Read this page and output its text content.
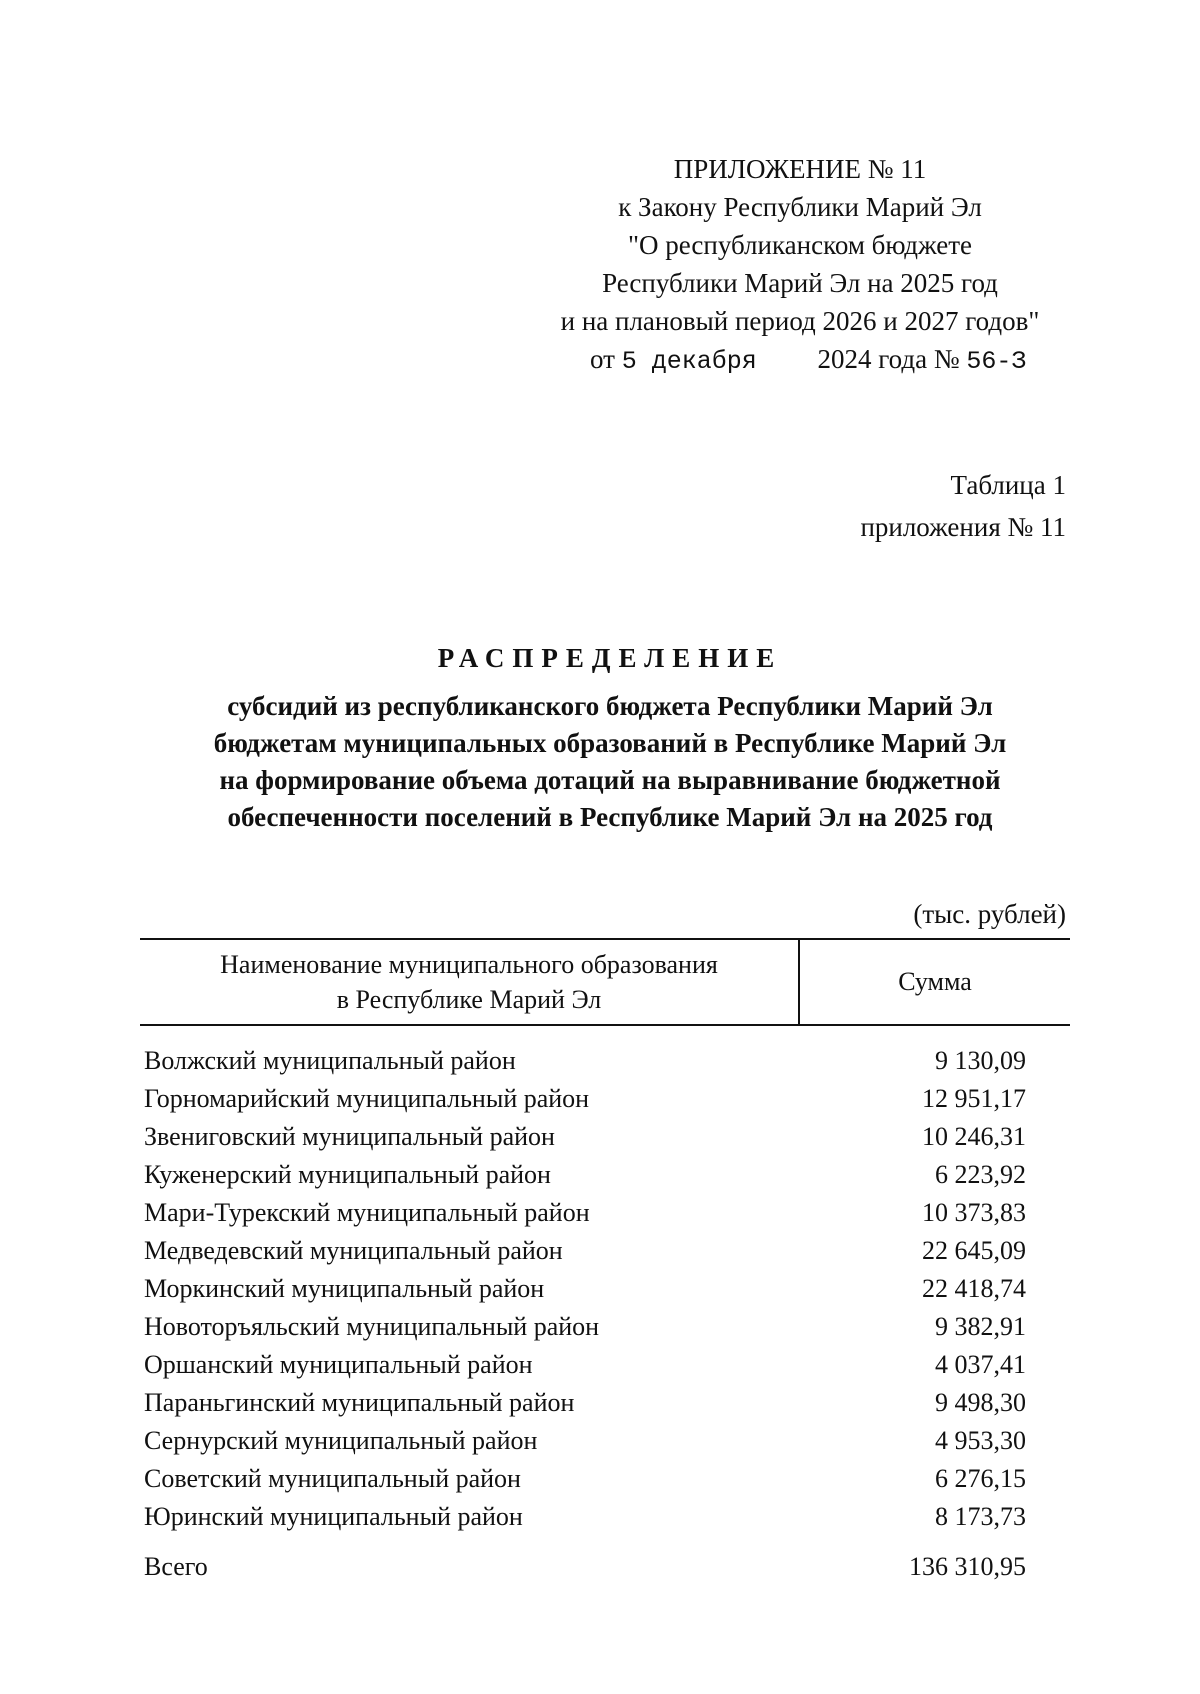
ПРИЛОЖЕНИЕ № 11
к Закону Республики Марий Эл
"О республиканском бюджете
Республики Марий Эл на 2025 год
и на плановый период 2026 и 2027 годов"
от 5 декабря 2024 года № 56-З
Таблица 1
приложения № 11
РАСПРЕДЕЛЕНИЕ
субсидий из республиканского бюджета Республики Марий Эл
бюджетам муниципальных образований в Республике Марий Эл
на формирование объема дотаций на выравнивание бюджетной
обеспеченности поселений в Республике Марий Эл на 2025 год
(тыс. рублей)
Наименование муниципального образования
в Республике Марий Эл
Сумма
Волжский муниципальный район	9 130,09
Горномарийский муниципальный район	12 951,17
Звениговский муниципальный район	10 246,31
Куженерский муниципальный район	6 223,92
Мари-Турекский муниципальный район	10 373,83
Медведевский муниципальный район	22 645,09
Моркинский муниципальный район	22 418,74
Новоторъяльский муниципальный район	9 382,91
Оршанский муниципальный район	4 037,41
Параньгинский муниципальный район	9 498,30
Сернурский муниципальный район	4 953,30
Советский муниципальный район	6 276,15
Юринский муниципальный район	8 173,73
Всего	136 310,95
